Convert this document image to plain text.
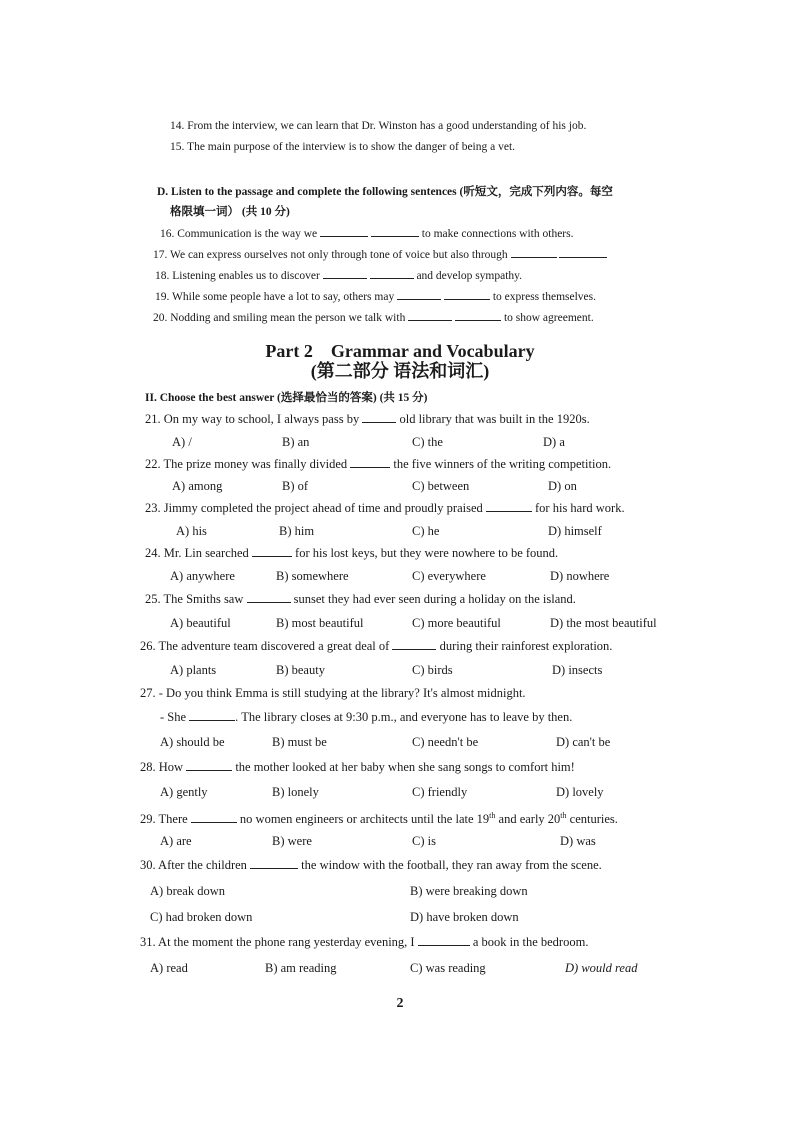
14. From the interview, we can learn that Dr. Winston has a good understanding of his job.
15. The main purpose of the interview is to show the danger of being a vet.
D. Listen to the passage and complete the following sentences (听短文，完成下列内容。每空
格限填一词） (共 10 分)
16. Communication is the way we	to make connections with others.
17. We can express ourselves not only through tone of voice but also through
18. Listening enables us to discover	and develop sympathy.
19. While some people have a lot to say, others may	to express themselves.
20. Nodding and smiling mean the person we talk with	to show agreement.
Part 2    Grammar and Vocabulary
(第二部分 语法和词汇)
II. Choose the best answer (选择最恰当的答案) (共 15 分)
21. On my way to school, I always pass by	old library that was built in the 1920s.
A) /	B) an	C) the	D) a
22. The prize money was finally divided	the five winners of the writing competition.
A) among	B) of	C) between	D) on
23. Jimmy completed the project ahead of time and proudly praised	for his hard work.
A) his	B) him	C) he	D) himself
24. Mr. Lin searched	for his lost keys, but they were nowhere to be found.
A) anywhere	B) somewhere	C) everywhere	D) nowhere
25. The Smiths saw	sunset they had ever seen during a holiday on the island.
A) beautiful	B) most beautiful	C) more beautiful	D) the most beautiful
26. The adventure team discovered a great deal of	during their rainforest exploration.
A) plants	B) beauty	C) birds	D) insects
27. - Do you think Emma is still studying at the library? It's almost midnight.
- She	. The library closes at 9:30 p.m., and everyone has to leave by then.
A) should be	B) must be	C) needn't be	D) can't be
28. How	the mother looked at her baby when she sang songs to comfort him!
A) gently	B) lonely	C) friendly	D) lovely
29. There	no women engineers or architects until the late 19th and early 20th centuries.
A) are	B) were	C) is	D) was
30. After the children	the window with the football, they ran away from the scene.
A) break down	B) were breaking down
C) had broken down	D) have broken down
31. At the moment the phone rang yesterday evening, I	a book in the bedroom.
A) read	B) am reading	C) was reading	D) would read
2
